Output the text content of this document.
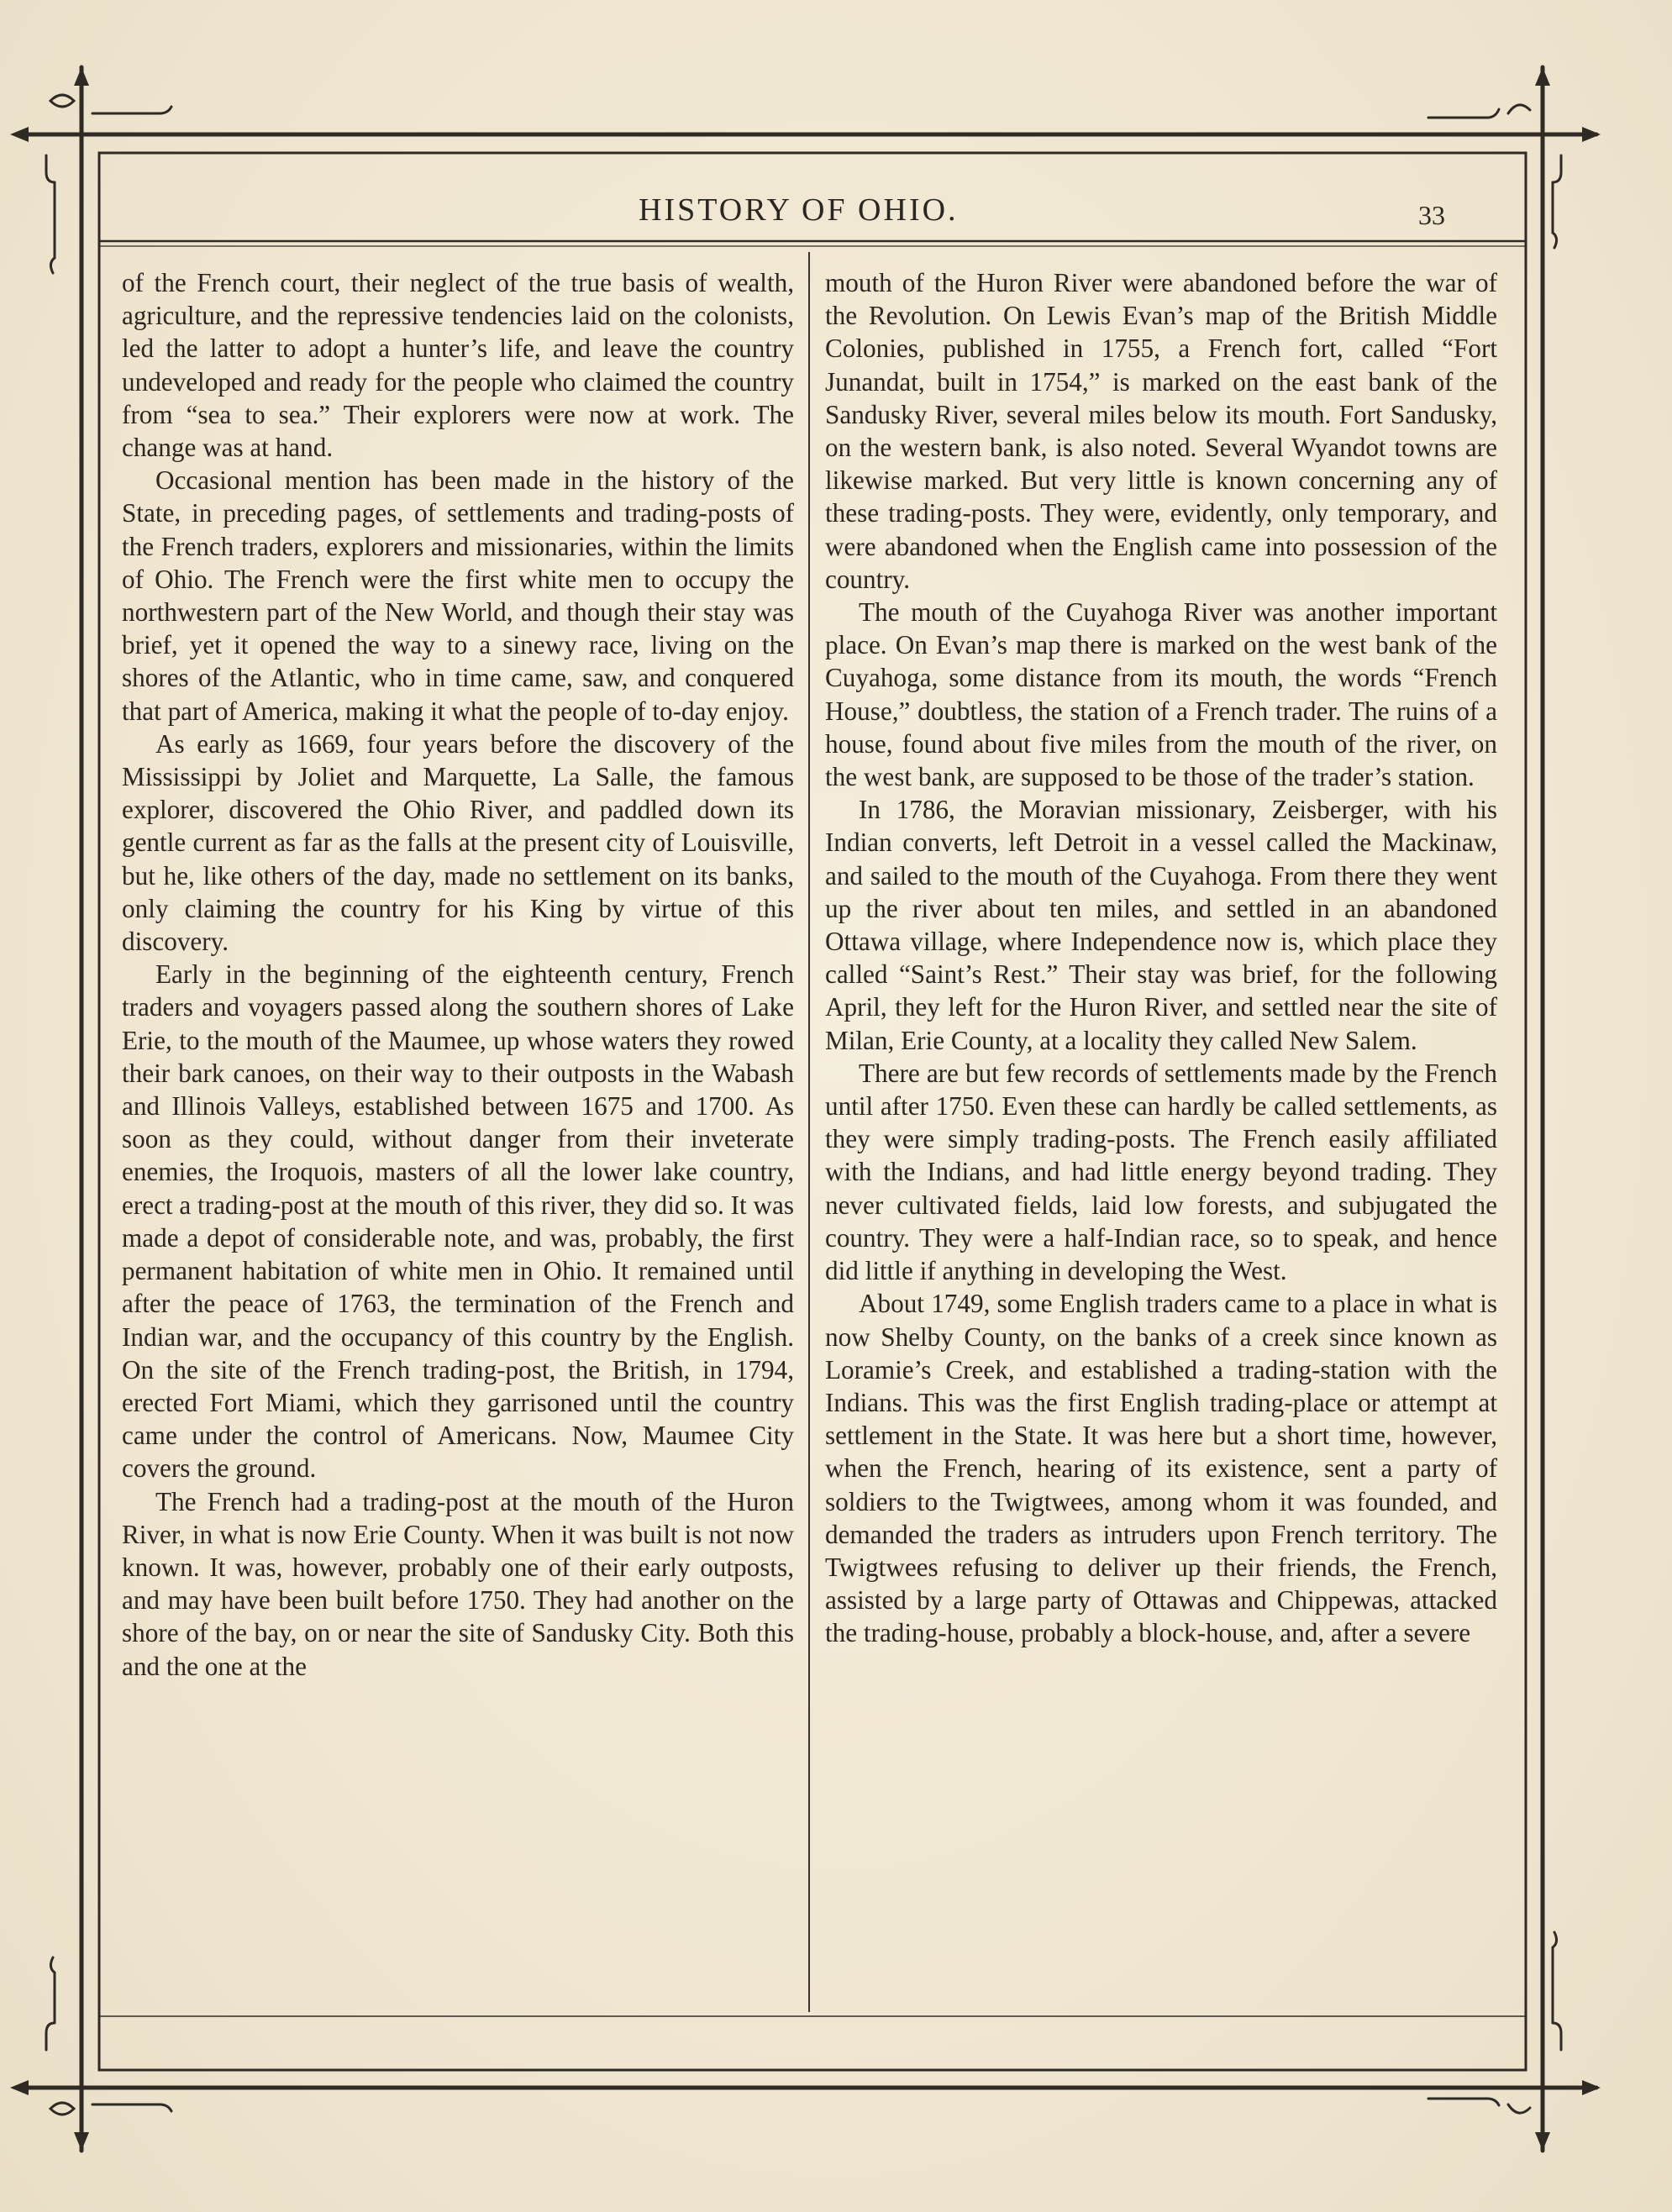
HISTORY OF OHIO.	33

of the French court, their neglect of the true basis of wealth, agriculture, and the repressive tendencies laid on the colonists, led the latter to adopt a hunter’s life, and leave the country undeveloped and ready for the people who claimed the country from “sea to sea.” Their explorers were now at work. The change was at hand.

Occasional mention has been made in the history of the State, in preceding pages, of settlements and trading-posts of the French traders, explorers and missionaries, within the limits of Ohio. The French were the first white men to occupy the northwestern part of the New World, and though their stay was brief, yet it opened the way to a sinewy race, living on the shores of the Atlantic, who in time came, saw, and conquered that part of America, making it what the people of to-day enjoy.

As early as 1669, four years before the discovery of the Mississippi by Joliet and Marquette, La Salle, the famous explorer, discovered the Ohio River, and paddled down its gentle current as far as the falls at the present city of Louisville, but he, like others of the day, made no settlement on its banks, only claiming the country for his King by virtue of this discovery.

Early in the beginning of the eighteenth century, French traders and voyagers passed along the southern shores of Lake Erie, to the mouth of the Maumee, up whose waters they rowed their bark canoes, on their way to their outposts in the Wabash and Illinois Valleys, established between 1675 and 1700. As soon as they could, without danger from their inveterate enemies, the Iroquois, masters of all the lower lake country, erect a trading-post at the mouth of this river, they did so. It was made a depot of considerable note, and was, probably, the first permanent habitation of white men in Ohio. It remained until after the peace of 1763, the termination of the French and Indian war, and the occupancy of this country by the English. On the site of the French trading-post, the British, in 1794, erected Fort Miami, which they garrisoned until the country came under the control of Americans. Now, Maumee City covers the ground.

The French had a trading-post at the mouth of the Huron River, in what is now Erie County. When it was built is not now known. It was, however, probably one of their early outposts, and may have been built before 1750. They had another on the shore of the bay, on or near the site of Sandusky City. Both this and the one at the

mouth of the Huron River were abandoned before the war of the Revolution. On Lewis Evan’s map of the British Middle Colonies, published in 1755, a French fort, called “Fort Junandat, built in 1754,” is marked on the east bank of the Sandusky River, several miles below its mouth. Fort Sandusky, on the western bank, is also noted. Several Wyandot towns are likewise marked. But very little is known concerning any of these trading-posts. They were, evidently, only temporary, and were abandoned when the English came into possession of the country.

The mouth of the Cuyahoga River was another important place. On Evan’s map there is marked on the west bank of the Cuyahoga, some distance from its mouth, the words “French House,” doubtless, the station of a French trader. The ruins of a house, found about five miles from the mouth of the river, on the west bank, are supposed to be those of the trader’s station.

In 1786, the Moravian missionary, Zeisberger, with his Indian converts, left Detroit in a vessel called the Mackinaw, and sailed to the mouth of the Cuyahoga. From there they went up the river about ten miles, and settled in an abandoned Ottawa village, where Independence now is, which place they called “Saint’s Rest.” Their stay was brief, for the following April, they left for the Huron River, and settled near the site of Milan, Erie County, at a locality they called New Salem.

There are but few records of settlements made by the French until after 1750. Even these can hardly be called settlements, as they were simply trading-posts. The French easily affiliated with the Indians, and had little energy beyond trading. They never cultivated fields, laid low forests, and subjugated the country. They were a half-Indian race, so to speak, and hence did little if anything in developing the West.

About 1749, some English traders came to a place in what is now Shelby County, on the banks of a creek since known as Loramie’s Creek, and established a trading-station with the Indians. This was the first English trading-place or attempt at settlement in the State. It was here but a short time, however, when the French, hearing of its existence, sent a party of soldiers to the Twigtwees, among whom it was founded, and demanded the traders as intruders upon French territory. The Twigtwees refusing to deliver up their friends, the French, assisted by a large party of Ottawas and Chippewas, attacked the trading-house, probably a block-house, and, after a severe
